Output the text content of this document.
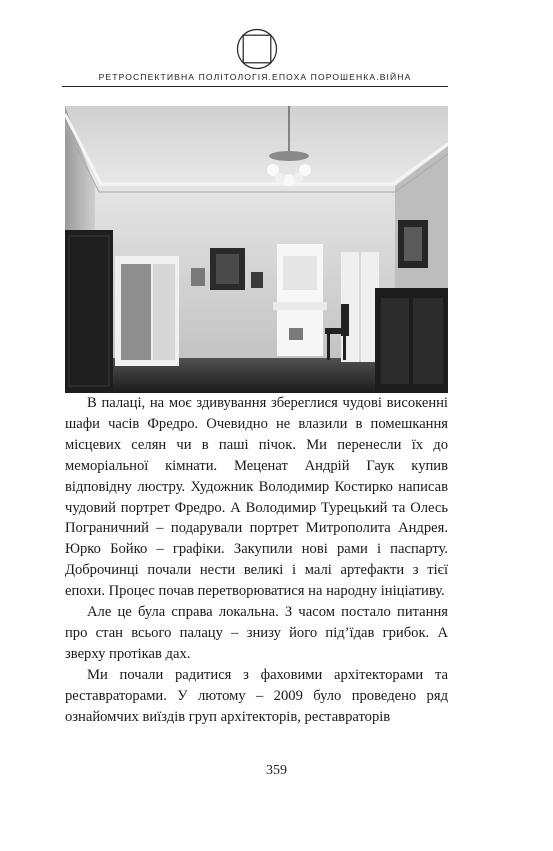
РЕТРОСПЕКТИВНА ПОЛІТОЛОГІЯ.ЕПОХА ПОРОШЕНКА.ВІЙНА

В палаці, на моє здивування збереглися чудові високенні шафи часів Фредро. Очевидно не влазили в помешкання місцевих селян чи в паші пічок. Ми перенесли їх до меморіальної кімнати. Меценат Андрій Гаук купив відповідну люстру. Художник Володимир Костирко написав чудовий портрет Фредро. А Володимир Турецький та Олесь Пограничний – подарували портрет Митрополита Андрея. Юрко Бойко – графіки. Закупили нові рами і паспарту. Доброчинці почали нести великі і малі артефакти з тієї епохи. Процес почав перетворюватися на народну ініціативу.

Але це була справа локальна. З часом постало питання про стан всього палацу – знизу його під’їдав грибок. А зверху протікав дах.

Ми почали радитися з фаховими архітекторами та реставраторами. У лютому – 2009 було проведено ряд ознайомчих виїздів груп архітекторів, реставраторів

359
